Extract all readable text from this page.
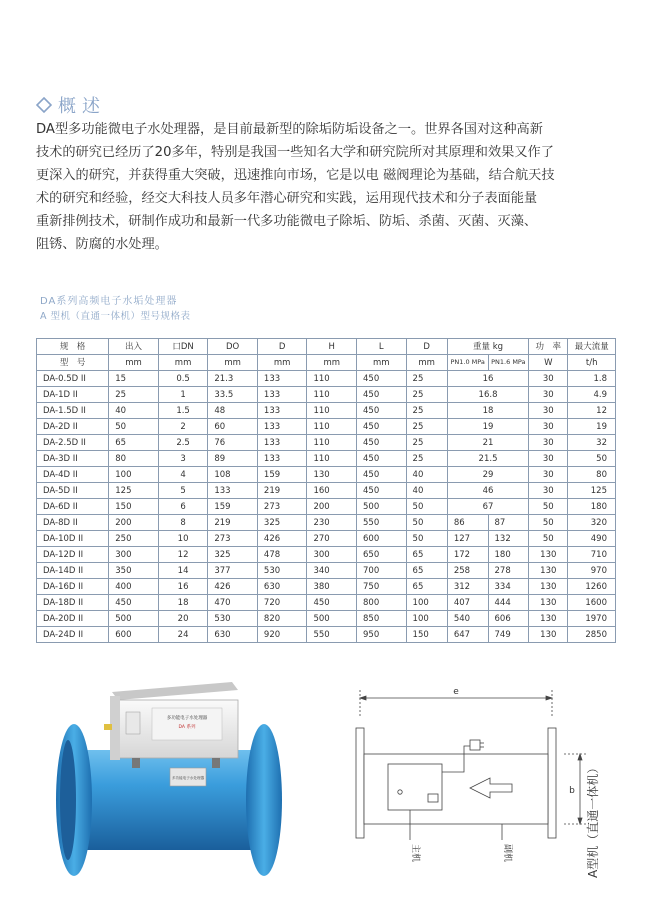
概述

DA型多功能微电子水处理器，是目前最新型的除垢防垢设备之一。世界各国对这种高新
技术的研究已经历了20多年，特别是我国一些知名大学和研究院所对其原理和效果又作了
更深入的研究，并获得重大突破，迅速推向市场，它是以电 磁阀理论为基础，结合航天技
术的研究和经验，经交大科技人员多年潜心研究和实践，运用现代技术和分子表面能量
重新排例技术，研制作成功和最新一代多功能微电子除垢、防垢、杀菌、灭菌、灭藻、
阻锈、防腐的水处理。

DA系列高频电子水垢处理器
A 型机（直通一体机）型号规格表
规　格	出入	口DN	DO	D	H	L	D	重量 kg		功　率	最大流量
型　号	mm	mm	mm	mm	mm	mm	mm	PN1.0 MPa	PN1.6 MPa	W	t/h
DA-0.5D II	15	0.5	21.3	133	110	450	25	16		30	1.8
DA-1D II	25	1	33.5	133	110	450	25	16.8		30	4.9
DA-1.5D II	40	1.5	48	133	110	450	25	18		30	12
DA-2D II	50	2	60	133	110	450	25	19		30	19
DA-2.5D II	65	2.5	76	133	110	450	25	21		30	32
DA-3D II	80	3	89	133	110	450	25	21.5		30	50
DA-4D II	100	4	108	159	130	450	40	29		30	80
DA-5D II	125	5	133	219	160	450	40	46		30	125
DA-6D II	150	6	159	273	200	500	50	67		50	180
DA-8D II	200	8	219	325	230	550	50	86	87	50	320
DA-10D II	250	10	273	426	270	600	50	127	132	50	490
DA-12D II	300	12	325	478	300	650	65	172	180	130	710
DA-14D II	350	14	377	530	340	700	65	258	278	130	970
DA-16D II	400	16	426	630	380	750	65	312	334	130	1260
DA-18D II	450	18	470	720	450	800	100	407	444	130	1600
DA-20D II	500	20	530	820	500	850	100	540	606	130	1970
DA-24D II	600	24	630	920	550	950	150	647	749	130	2850
多功能电子水处理器
多功能电子水处理器
DA 系列
e
b
主机	副机	A型机（直通一体机）
